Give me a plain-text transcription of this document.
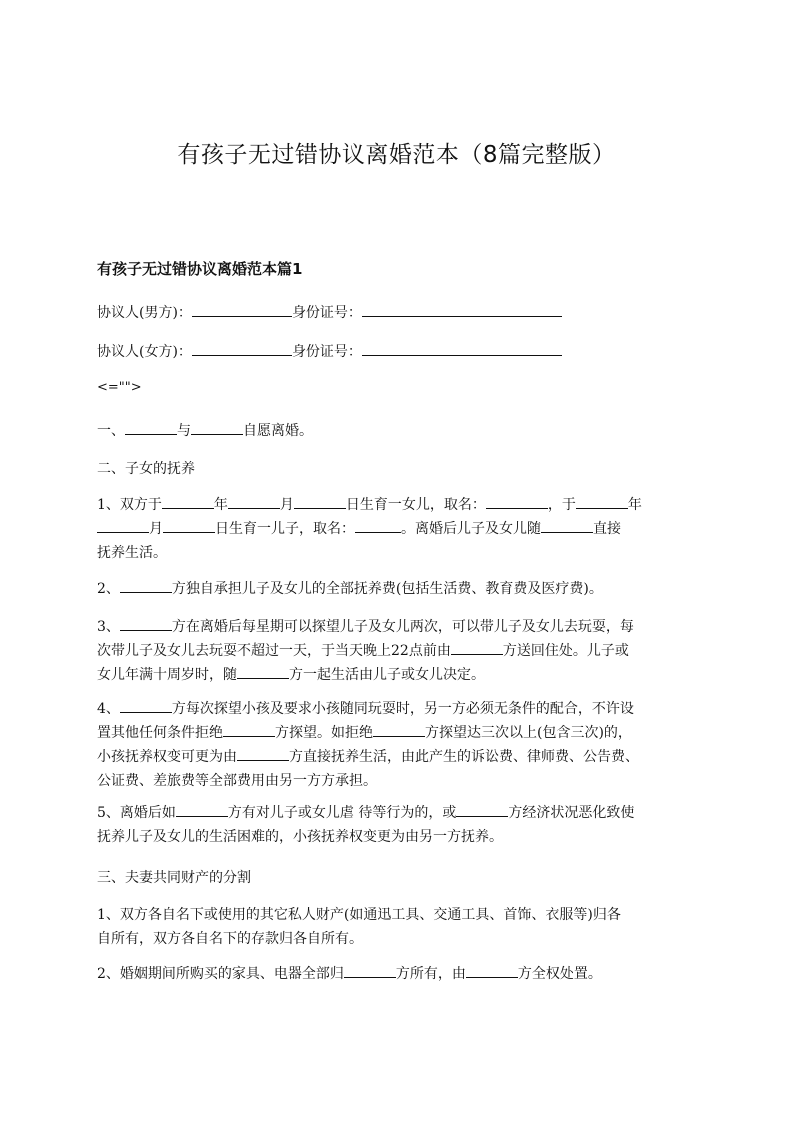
有孩子无过错协议离婚范本（8篇完整版）
有孩子无过错协议离婚范本篇1
协议人(男方)：	身份证号：
协议人(女方)：	身份证号：
<="">
一、	与	自愿离婚。
二、子女的抚养
1、双方于	年	月	日生育一女儿，取名：	，于	年
月	日生育一儿子，取名：	。离婚后儿子及女儿随	直接
抚养生活。
2、	方独自承担儿子及女儿的全部抚养费(包括生活费、教育费及医疗费)。
3、	方在离婚后每星期可以探望儿子及女儿两次，可以带儿子及女儿去玩耍，每
次带儿子及女儿去玩耍不超过一天，于当天晚上22点前由	方送回住处。儿子或
女儿年满十周岁时，随	方一起生活由儿子或女儿决定。
4、	方每次探望小孩及要求小孩随同玩耍时，另一方必须无条件的配合，不许设
置其他任何条件拒绝	方探望。如拒绝	方探望达三次以上(包含三次)的，
小孩抚养权变可更为由	方直接抚养生活，由此产生的诉讼费、律师费、公告费、
公证费、差旅费等全部费用由另一方方承担。
5、离婚后如	方有对儿子或女儿虐 待等行为的，或	方经济状况恶化致使
抚养儿子及女儿的生活困难的，小孩抚养权变更为由另一方抚养。
三、夫妻共同财产的分割
1、双方各自名下或使用的其它私人财产(如通迅工具、交通工具、首饰、衣服等)归各
自所有，双方各自名下的存款归各自所有。
2、婚姻期间所购买的家具、电器全部归	方所有，由	方全权处置。
